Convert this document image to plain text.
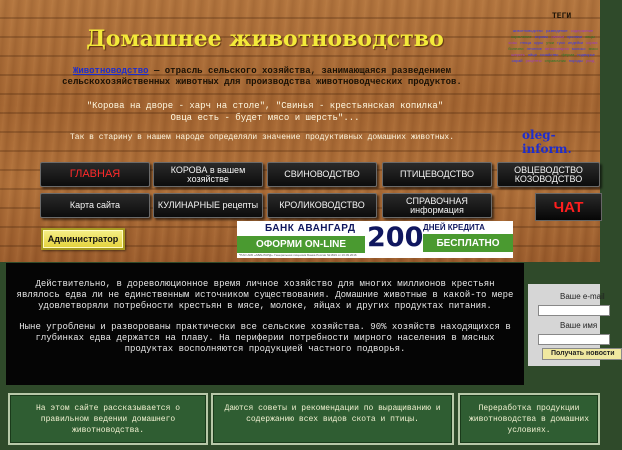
Домашнее животноводство
Животноводство — отрасль сельского хозяйства, занимающаяся разведением сельскохозяйственных животных для производства животноводческих продуктов.
"Корова на дворе - харч на столе", "Свинья - крестьянская копилка"
Овца есть - будет мясо и шерсть"...
Так в старину в нашем народе определяли значение продуктивных домашних животных.
ТЕГИ
животноводство разведение содержание кормление коровы свиньи кролики овцы козы птица куры утки гуси индейки корма болезни лечение ветеринария молоко мясо шерсть яйца хозяйство ферма подворье сарай рецепты справочник породы уход
oleg-inform.
ГЛАВНАЯ	КОРОВА в вашем хозяйстве	СВИНОВОДСТВО	ПТИЦЕВОДСТВО	ОВЦЕВОДСТВО КОЗОВОДСТВО
Карта сайта	КУЛИНАРНЫЕ рецепты	КРОЛИКОВОДСТВО	СПРАВОЧНАЯ информация	ЧАТ
Администратор
БАНК АВАНГАРД
ОФОРМИ ON-LINE 200 ДНЕЙ КРЕДИТА
БЕСПЛАТНО
*ПАО АКБ «АВАНГАРД». Генеральная лицензия Банка России №1819 от 16.09.2016

Действительно, в дореволюционное время личное хозяйство для многих миллионов крестьян являлось едва ли не единственным источником существования. Домашние животные в какой-то мере удовлетворяли потребности крестьян в мясе, молоке, яйцах и других продуктах питания.

Ныне угроблены и разворованы практически все сельские хозяйства. 90% хозяйств находящихся в глубинках едва держатся на плаву. На периферии потребности мирного населения в мясных продуктах восполняются продукцией частного подворья.

Ваше e-mail
Ваше имя
Получать новости
На этом сайте рассказывается о правильном ведении домашнего животноводства.
Даются советы и рекомендации по выращиванию и содержанию всех видов скота и птицы.
Переработка продукции животноводства в домашних условиях.
